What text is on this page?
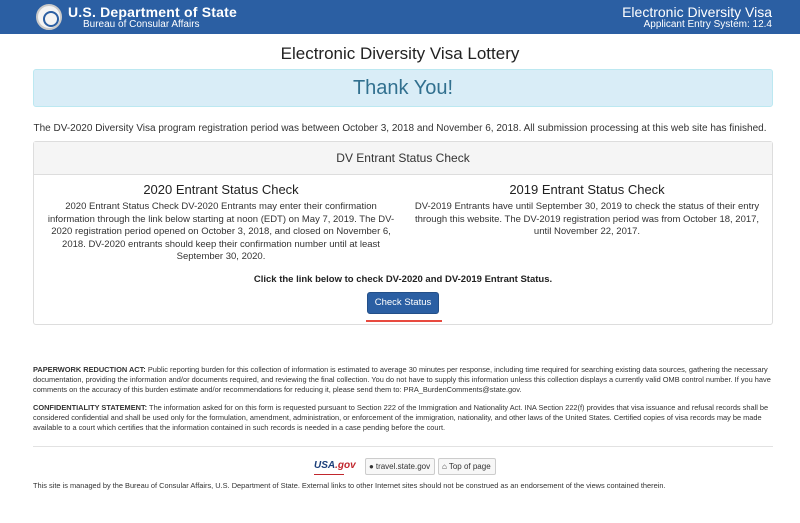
U.S. Department of State
Bureau of Consular Affairs
Electronic Diversity Visa
Applicant Entry System: 12.4
Electronic Diversity Visa Lottery
Thank You!
The DV-2020 Diversity Visa program registration period was between October 3, 2018 and November 6, 2018. All submission processing at this web site has finished.
DV Entrant Status Check
2020 Entrant Status Check

2020 Entrant Status Check DV-2020 Entrants may enter their confirmation information through the link below starting at noon (EDT) on May 7, 2019. The DV-2020 registration period opened on October 3, 2018, and closed on November 6, 2018. DV-2020 entrants should keep their confirmation number until at least September 30, 2020.

2019 Entrant Status Check

DV-2019 Entrants have until September 30, 2019 to check the status of their entry through this website. The DV-2019 registration period was from October 18, 2017, until November 22, 2017.

Click the link below to check DV-2020 and DV-2019 Entrant Status.
Check Status
PAPERWORK REDUCTION ACT: Public reporting burden for this collection of information is estimated to average 30 minutes per response, including time required for searching existing data sources, gathering the necessary documentation, providing the information and/or documents required, and reviewing the final collection. You do not have to supply this information unless this collection displays a currently valid OMB control number. If you have comments on the accuracy of this burden estimate and/or recommendations for reducing it, please send them to: PRA_BurdenComments@state.gov.
CONFIDENTIALITY STATEMENT: The information asked for on this form is requested pursuant to Section 222 of the Immigration and Nationality Act. INA Section 222(f) provides that visa issuance and refusal records shall be considered confidential and shall be used only for the formulation, amendment, administration, or enforcement of the immigration, nationality, and other laws of the United States. Certified copies of visa records may be made available to a court which certifies that the information contained in such records is needed in a case pending before the court.
USA.gov	● travel.state.gov	⌂ Top of page
This site is managed by the Bureau of Consular Affairs, U.S. Department of State. External links to other Internet sites should not be construed as an endorsement of the views contained therein.
